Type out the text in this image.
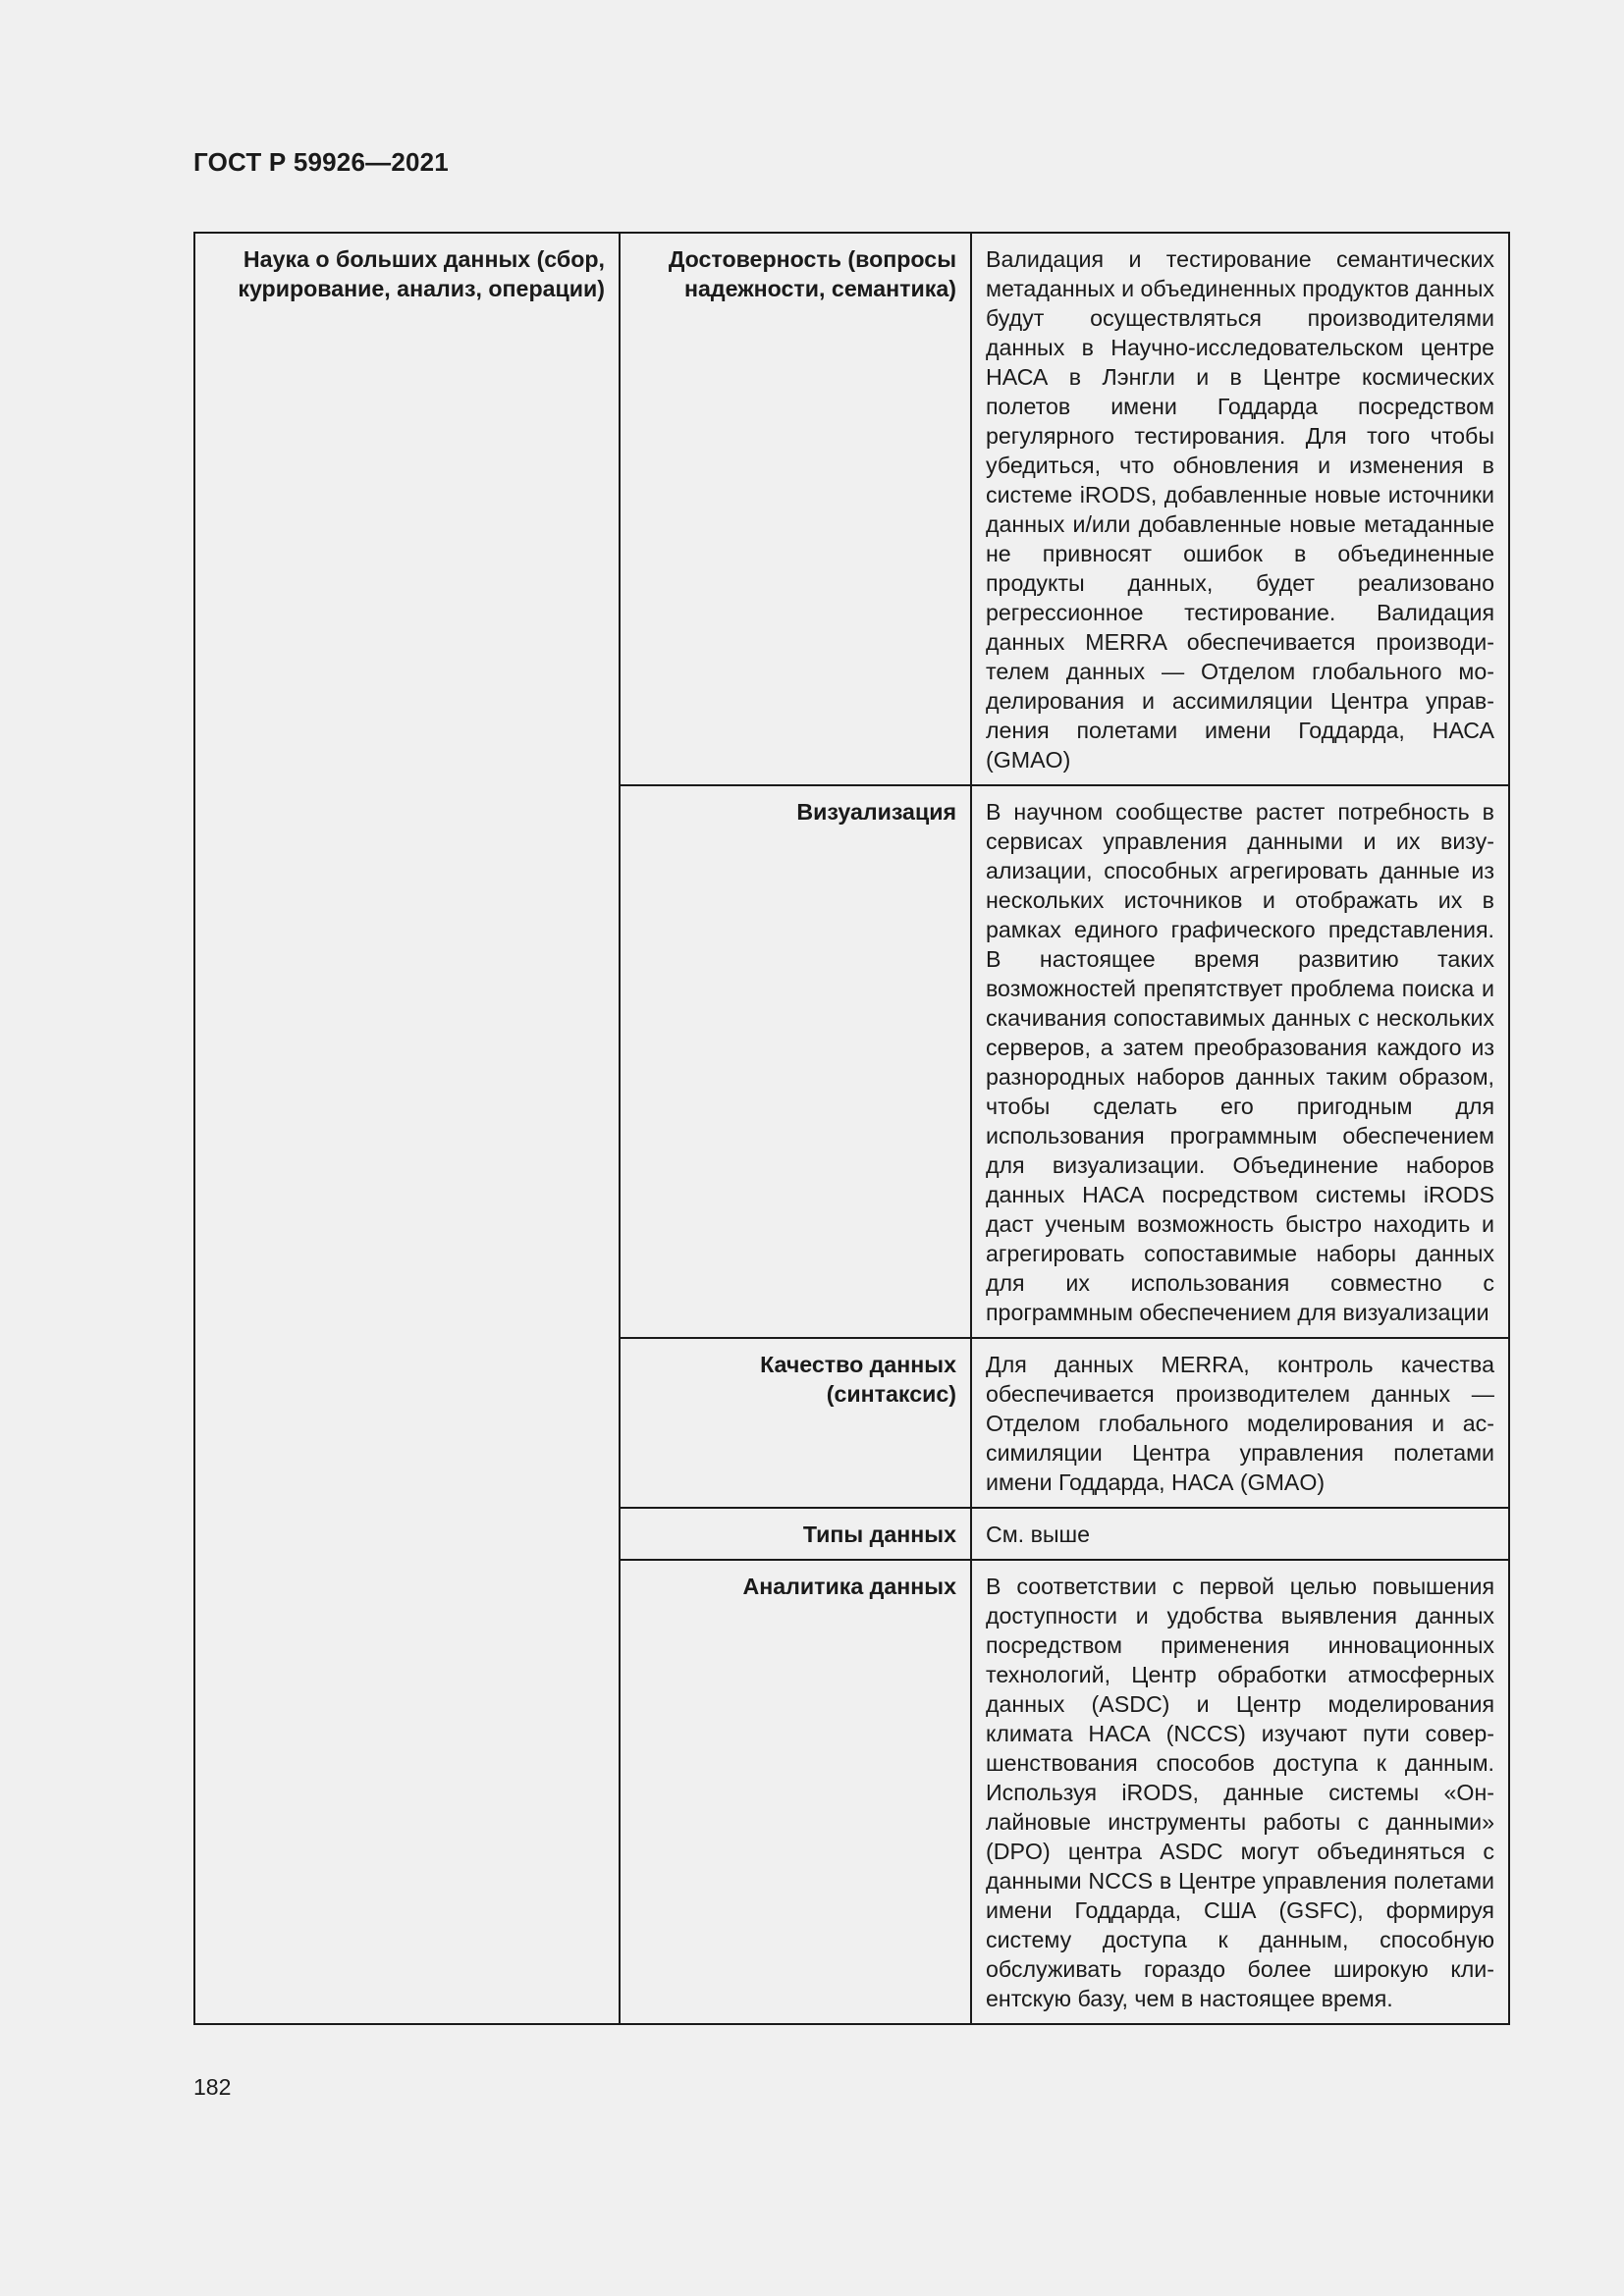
ГОСТ Р 59926—2021
Наука о больших данных (сбор, курирование, анализ, операции)	Достоверность (вопросы надежности, семантика)	Валидация и тестирование семантических метаданных и объединенных продуктов данных будут осуществляться производителями данных в Научно-исследовательском центре НАСА в Лэнгли и в Центре космических полетов имени Годдарда посредством регулярного тестирования. Для того чтобы убедиться, что обновления и изменения в системе iRODS, добавленные новые источники данных и/или добавленные новые метаданные не привносят ошибок в объединенные продукты данных, будет реализовано регрессионное тестирование. Валидация данных MERRA обеспечивается производителем данных — Отделом глобального моделирования и ассимиляции Центра управления полетами имени Годдарда, НАСА (GMAO)
	Визуализация	В научном сообществе растет потребность в сервисах управления данными и их визуализации, способных агрегировать данные из нескольких источников и отображать их в рамках единого графического представления. В настоящее время развитию таких возможностей препятствует проблема поиска и скачивания сопоставимых данных с нескольких серверов, а затем преобразования каждого из разнородных наборов данных таким образом, чтобы сделать его пригодным для использования программным обеспечением для визуализации. Объединение наборов данных НАСА посредством системы iRODS даст ученым возможность быстро находить и агрегировать сопоставимые наборы данных для их использования совместно с программным обеспечением для визуализации
	Качество данных (синтаксис)	Для данных MERRA, контроль качества обеспечивается производителем данных — Отделом глобального моделирования и ассимиляции Центра управления полетами имени Годдарда, НАСА (GMAO)
	Типы данных	См. выше
	Аналитика данных	В соответствии с первой целью повышения доступности и удобства выявления данных посредством применения инновационных технологий, Центр обработки атмосферных данных (ASDC) и Центр моделирования климата НАСА (NCCS) изучают пути совершенствования способов доступа к данным. Используя iRODS, данные системы «Онлайновые инструменты работы с данными» (DPO) центра ASDC могут объединяться с данными NCCS в Центре управления полетами имени Годдарда, США (GSFC), формируя систему доступа к данным, способную обслуживать гораздо более широкую клиентскую базу, чем в настоящее время.
182
